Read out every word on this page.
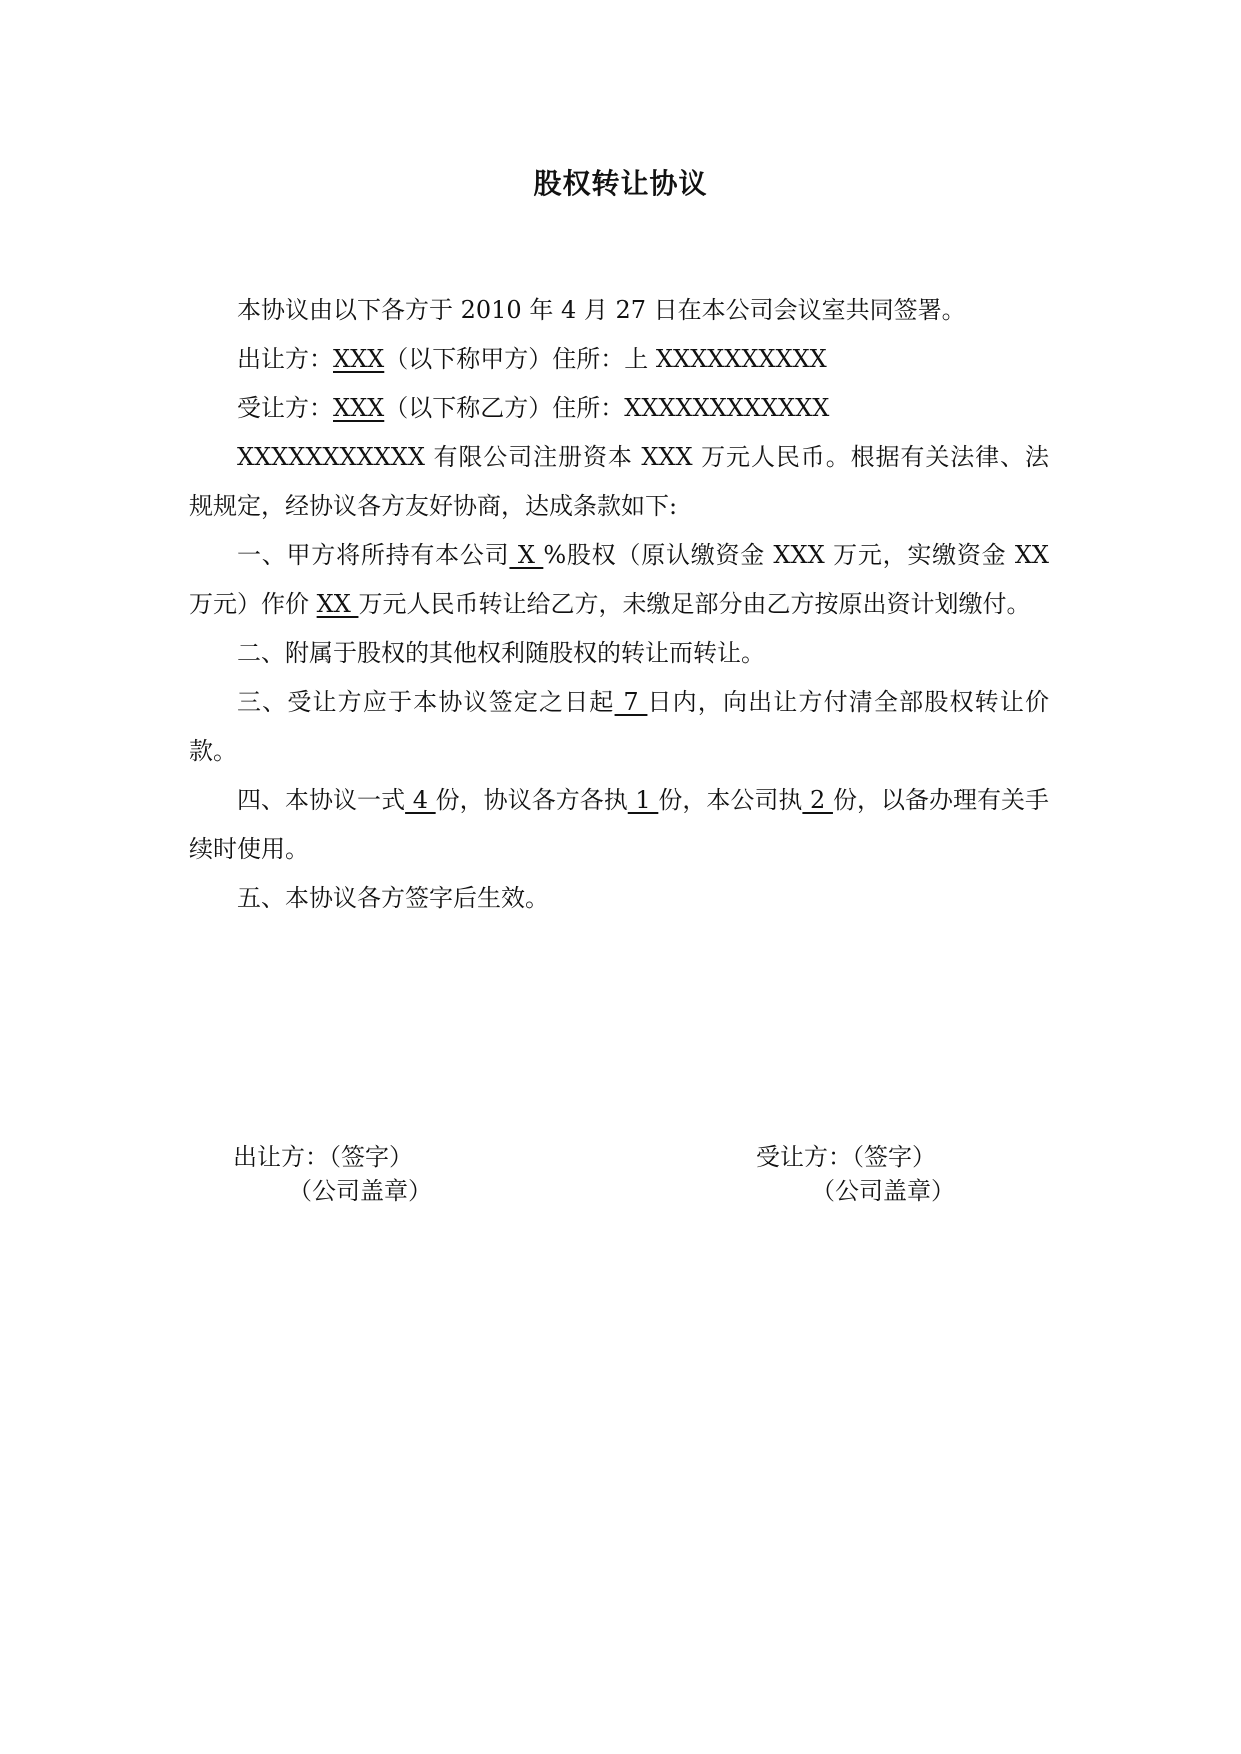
股权转让协议

本协议由以下各方于 2010 年 4 月 27 日在本公司会议室共同签署。

出让方：XXX（以下称甲方）住所：上 XXXXXXXXXX

受让方：XXX（以下称乙方）住所：XXXXXXXXXXXX

XXXXXXXXXXX 有限公司注册资本 XXX 万元人民币。根据有关法律、法规规定，经协议各方友好协商，达成条款如下:

一、甲方将所持有本公司 X %股权（原认缴资金 XXX 万元，实缴资金 XX 万元）作价 XX 万元人民币转让给乙方，未缴足部分由乙方按原出资计划缴付。

二、附属于股权的其他权利随股权的转让而转让。

三、受让方应于本协议签定之日起 7 日内，向出让方付清全部股权转让价款。

四、本协议一式 4 份，协议各方各执 1 份，本公司执 2 份，以备办理有关手续时使用。

五、本协议各方签字后生效。

出让方：（签字）
（公司盖章）
受让方：（签字）
（公司盖章）
